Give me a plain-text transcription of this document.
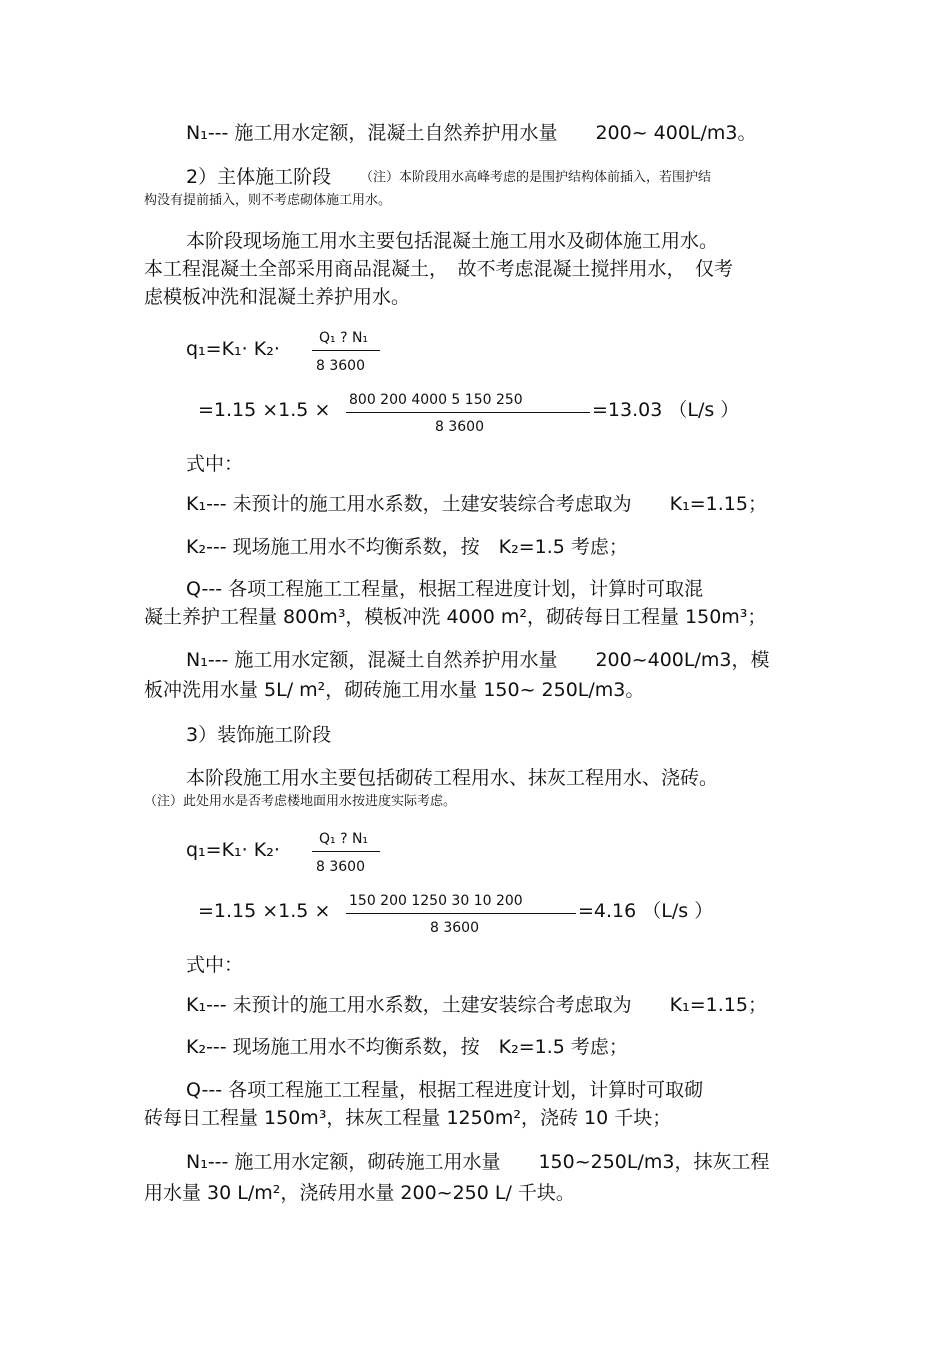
N₁--- 施工用水定额，混凝土自然养护用水量　　200~ 400L/m3。
2）主体施工阶段 （注）本阶段用水高峰考虑的是围护结构体前插入，若围护结
构没有提前插入，则不考虑砌体施工用水。
本阶段现场施工用水主要包括混凝土施工用水及砌体施工用水。
本工程混凝土全部采用商品混凝土，　故不考虑混凝土搅拌用水，　仅考
虑模板冲洗和混凝土养护用水。
q₁=K₁· K₂·	Q₁ ? N₁
8 3600
=1.15 ×1.5 × 800 200 4000 5 150 250
8 3600
=13.03 （L/s ）
式中：
K₁--- 未预计的施工用水系数，土建安装综合考虑取为　　K₁=1.15；
K₂--- 现场施工用水不均衡系数，按　K₂=1.5 考虑；
Q--- 各项工程施工工程量，根据工程进度计划，计算时可取混
凝土养护工程量 800m³，模板冲洗 4000 m²，砌砖每日工程量 150m³；
N₁--- 施工用水定额，混凝土自然养护用水量　　200~400L/m3，模
板冲洗用水量 5L/ m²，砌砖施工用水量 150~ 250L/m3。
3）装饰施工阶段
本阶段施工用水主要包括砌砖工程用水、抹灰工程用水、浇砖。
（注）此处用水是否考虑楼地面用水按进度实际考虑。
q₁=K₁· K₂·	Q₁ ? N₁
8 3600
=1.15 ×1.5 × 150 200 1250 30 10 200
8 3600
=4.16 （L/s ）
式中：
K₁--- 未预计的施工用水系数，土建安装综合考虑取为　　K₁=1.15；
K₂--- 现场施工用水不均衡系数，按　K₂=1.5 考虑；
Q--- 各项工程施工工程量，根据工程进度计划，计算时可取砌
砖每日工程量 150m³，抹灰工程量 1250m²，浇砖 10 千块；
N₁--- 施工用水定额，砌砖施工用水量　　150~250L/m3，抹灰工程
用水量 30 L/m²，浇砖用水量 200~250 L/ 千块。
